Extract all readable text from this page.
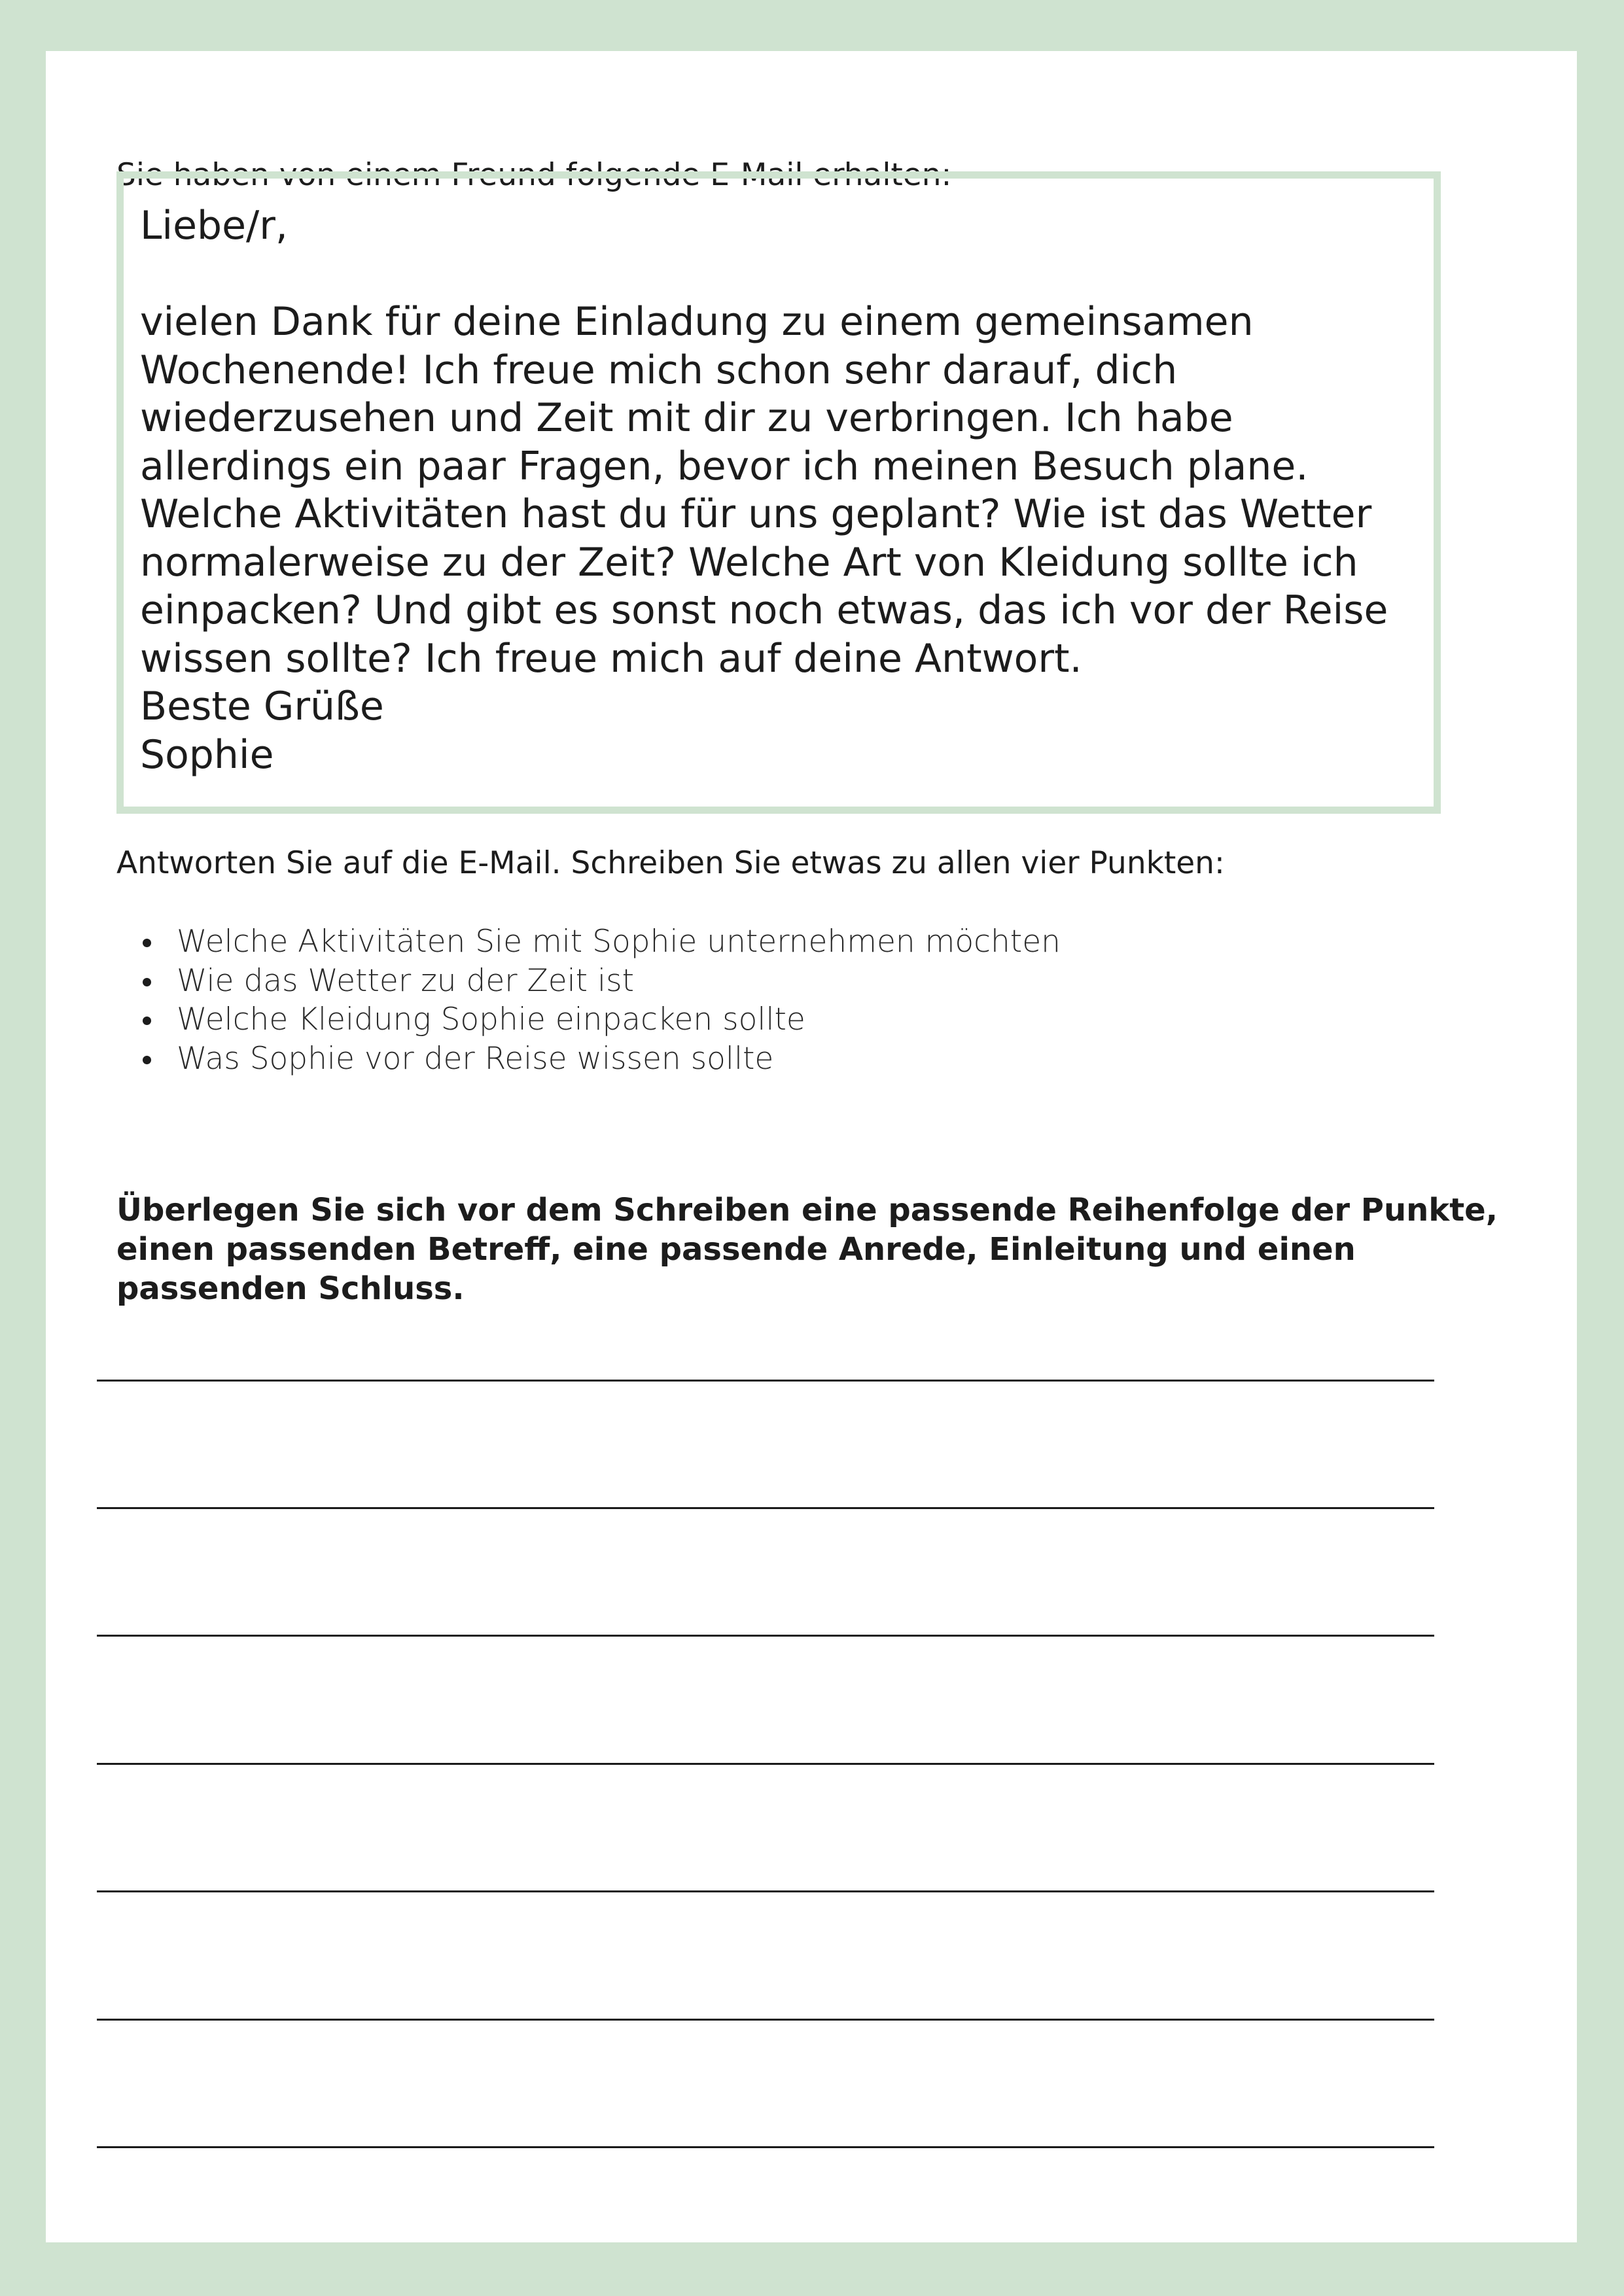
Sie haben von einem Freund folgende E-Mail erhalten:

Liebe/r,

vielen Dank für deine Einladung zu einem gemeinsamen

Wochenende! Ich freue mich schon sehr darauf, dich

wiederzusehen und Zeit mit dir zu verbringen. Ich habe

allerdings ein paar Fragen, bevor ich meinen Besuch plane.

Welche Aktivitäten hast du für uns geplant? Wie ist das Wetter

normalerweise zu der Zeit? Welche Art von Kleidung sollte ich

einpacken? Und gibt es sonst noch etwas, das ich vor der Reise

wissen sollte? Ich freue mich auf deine Antwort.

Beste Grüße

Sophie

Antworten Sie auf die E-Mail. Schreiben Sie etwas zu allen vier Punkten:

Welche Aktivitäten Sie mit Sophie unternehmen möchten
Wie das Wetter zu der Zeit ist
Welche Kleidung Sophie einpacken sollte
Was Sophie vor der Reise wissen sollte

Überlegen Sie sich vor dem Schreiben eine passende Reihenfolge der Punkte, einen passenden Betreff, eine passende Anrede, Einleitung und einen passenden Schluss.
